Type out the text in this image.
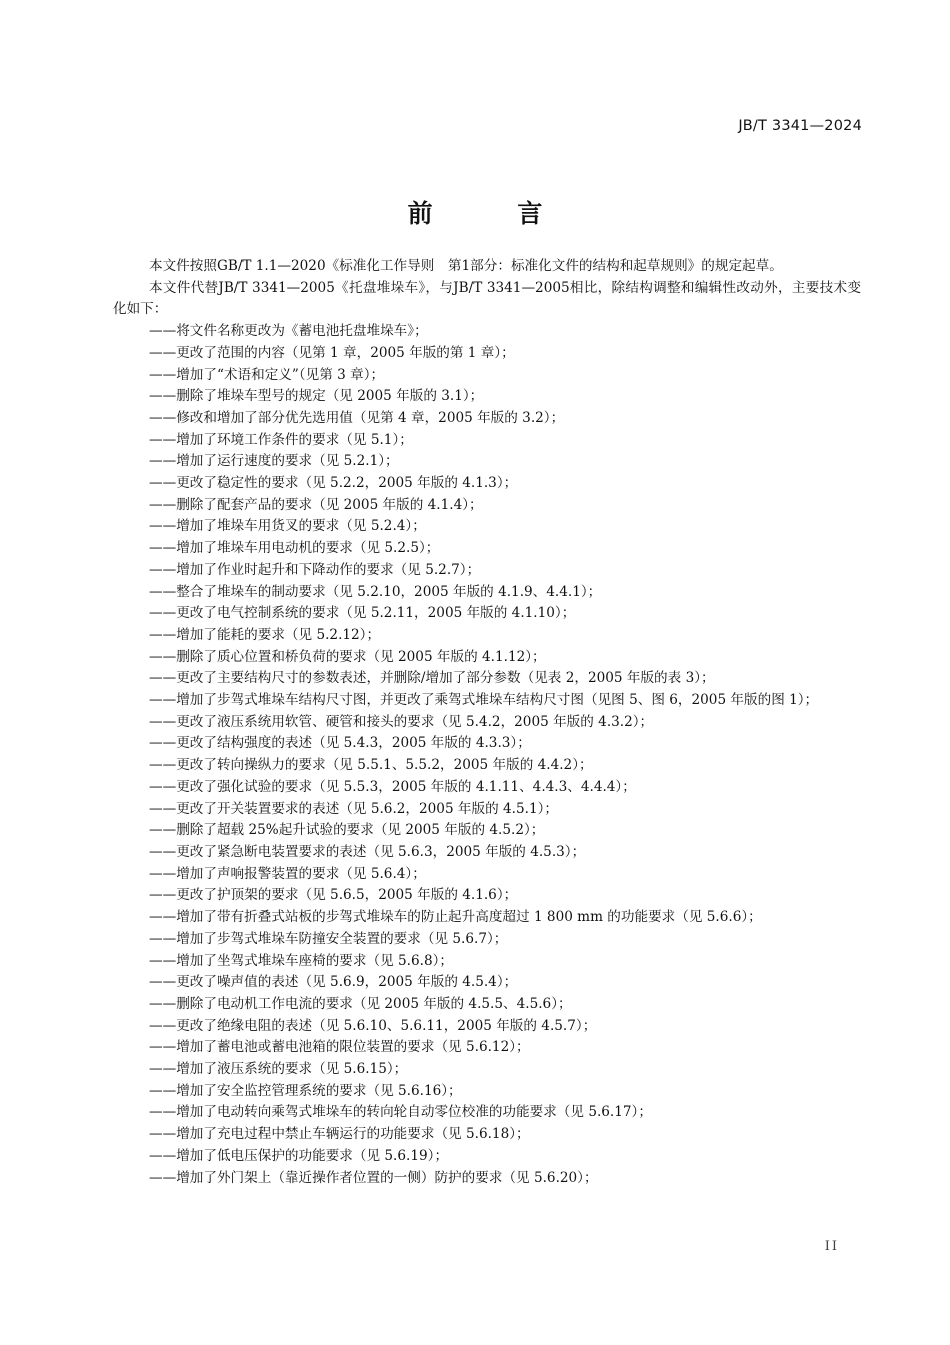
JB/T 3341—2024
前 言

本文件按照GB/T 1.1—2020《标准化工作导则　第1部分：标准化文件的结构和起草规则》的规定起草。

本文件代替JB/T 3341—2005《托盘堆垛车》，与JB/T 3341—2005相比，除结构调整和编辑性改动外，主要技术变化如下：

——将文件名称更改为《蓄电池托盘堆垛车》；
——更改了范围的内容（见第 1 章，2005 年版的第 1 章）；
——增加了“术语和定义”（见第 3 章）；
——删除了堆垛车型号的规定（见 2005 年版的 3.1）；
——修改和增加了部分优先选用值（见第 4 章，2005 年版的 3.2）；
——增加了环境工作条件的要求（见 5.1）；
——增加了运行速度的要求（见 5.2.1）；
——更改了稳定性的要求（见 5.2.2，2005 年版的 4.1.3）；
——删除了配套产品的要求（见 2005 年版的 4.1.4）；
——增加了堆垛车用货叉的要求（见 5.2.4）；
——增加了堆垛车用电动机的要求（见 5.2.5）；
——增加了作业时起升和下降动作的要求（见 5.2.7）；
——整合了堆垛车的制动要求（见 5.2.10，2005 年版的 4.1.9、4.4.1）；
——更改了电气控制系统的要求（见 5.2.11，2005 年版的 4.1.10）；
——增加了能耗的要求（见 5.2.12）；
——删除了质心位置和桥负荷的要求（见 2005 年版的 4.1.12）；
——更改了主要结构尺寸的参数表述，并删除/增加了部分参数（见表 2，2005 年版的表 3）；
——增加了步驾式堆垛车结构尺寸图，并更改了乘驾式堆垛车结构尺寸图（见图 5、图 6，2005 年版的图 1）；
——更改了液压系统用软管、硬管和接头的要求（见 5.4.2，2005 年版的 4.3.2）；
——更改了结构强度的表述（见 5.4.3，2005 年版的 4.3.3）；
——更改了转向操纵力的要求（见 5.5.1、5.5.2，2005 年版的 4.4.2）；
——更改了强化试验的要求（见 5.5.3，2005 年版的 4.1.11、4.4.3、4.4.4）；
——更改了开关装置要求的表述（见 5.6.2，2005 年版的 4.5.1）；
——删除了超载 25%起升试验的要求（见 2005 年版的 4.5.2）；
——更改了紧急断电装置要求的表述（见 5.6.3，2005 年版的 4.5.3）；
——增加了声响报警装置的要求（见 5.6.4）；
——更改了护顶架的要求（见 5.6.5，2005 年版的 4.1.6）；
——增加了带有折叠式站板的步驾式堆垛车的防止起升高度超过 1 800 mm 的功能要求（见 5.6.6）；
——增加了步驾式堆垛车防撞安全装置的要求（见 5.6.7）；
——增加了坐驾式堆垛车座椅的要求（见 5.6.8）；
——更改了噪声值的表述（见 5.6.9，2005 年版的 4.5.4）；
——删除了电动机工作电流的要求（见 2005 年版的 4.5.5、4.5.6）；
——更改了绝缘电阻的表述（见 5.6.10、5.6.11，2005 年版的 4.5.7）；
——增加了蓄电池或蓄电池箱的限位装置的要求（见 5.6.12）；
——增加了液压系统的要求（见 5.6.15）；
——增加了安全监控管理系统的要求（见 5.6.16）；
——增加了电动转向乘驾式堆垛车的转向轮自动零位校准的功能要求（见 5.6.17）；
——增加了充电过程中禁止车辆运行的功能要求（见 5.6.18）；
——增加了低电压保护的功能要求（见 5.6.19）；
——增加了外门架上（靠近操作者位置的一侧）防护的要求（见 5.6.20）；
II
